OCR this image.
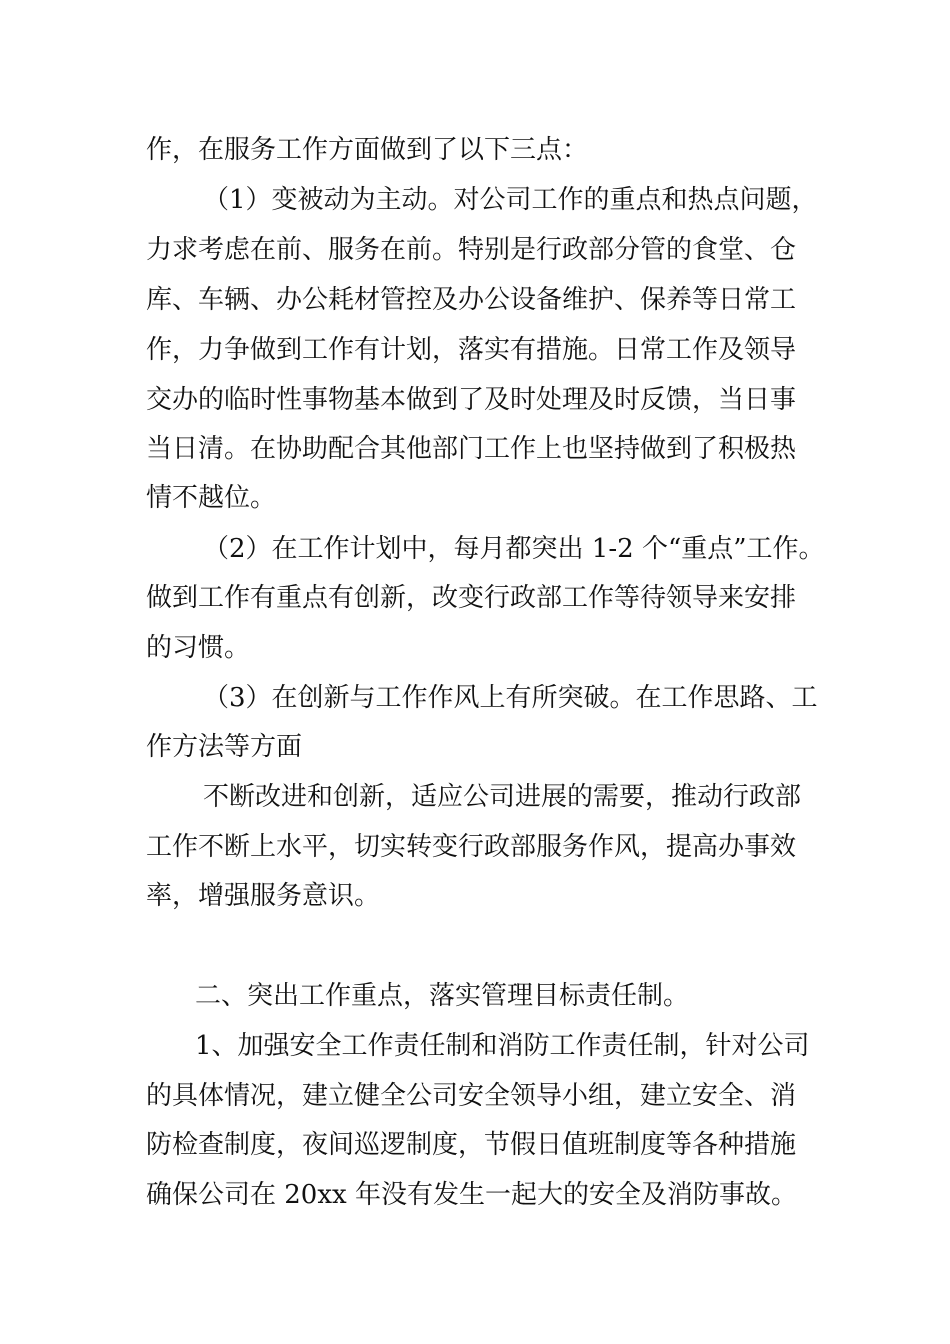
作，在服务工作方面做到了以下三点：
（1）变被动为主动。对公司工作的重点和热点问题，
力求考虑在前、服务在前。特别是行政部分管的食堂、仓
库、车辆、办公耗材管控及办公设备维护、保养等日常工
作，力争做到工作有计划，落实有措施。日常工作及领导
交办的临时性事物基本做到了及时处理及时反馈，当日事
当日清。在协助配合其他部门工作上也坚持做到了积极热
情不越位。
（2）在工作计划中，每月都突出 1-2 个“重点”工作。
做到工作有重点有创新，改变行政部工作等待领导来安排
的习惯。
（3）在创新与工作作风上有所突破。在工作思路、工
作方法等方面
不断改进和创新，适应公司进展的需要，推动行政部
工作不断上水平，切实转变行政部服务作风，提高办事效
率，增强服务意识。
二、突出工作重点，落实管理目标责任制。
1、加强安全工作责任制和消防工作责任制，针对公司
的具体情况，建立健全公司安全领导小组，建立安全、消
防检查制度，夜间巡逻制度，节假日值班制度等各种措施
确保公司在 20xx 年没有发生一起大的安全及消防事故。
